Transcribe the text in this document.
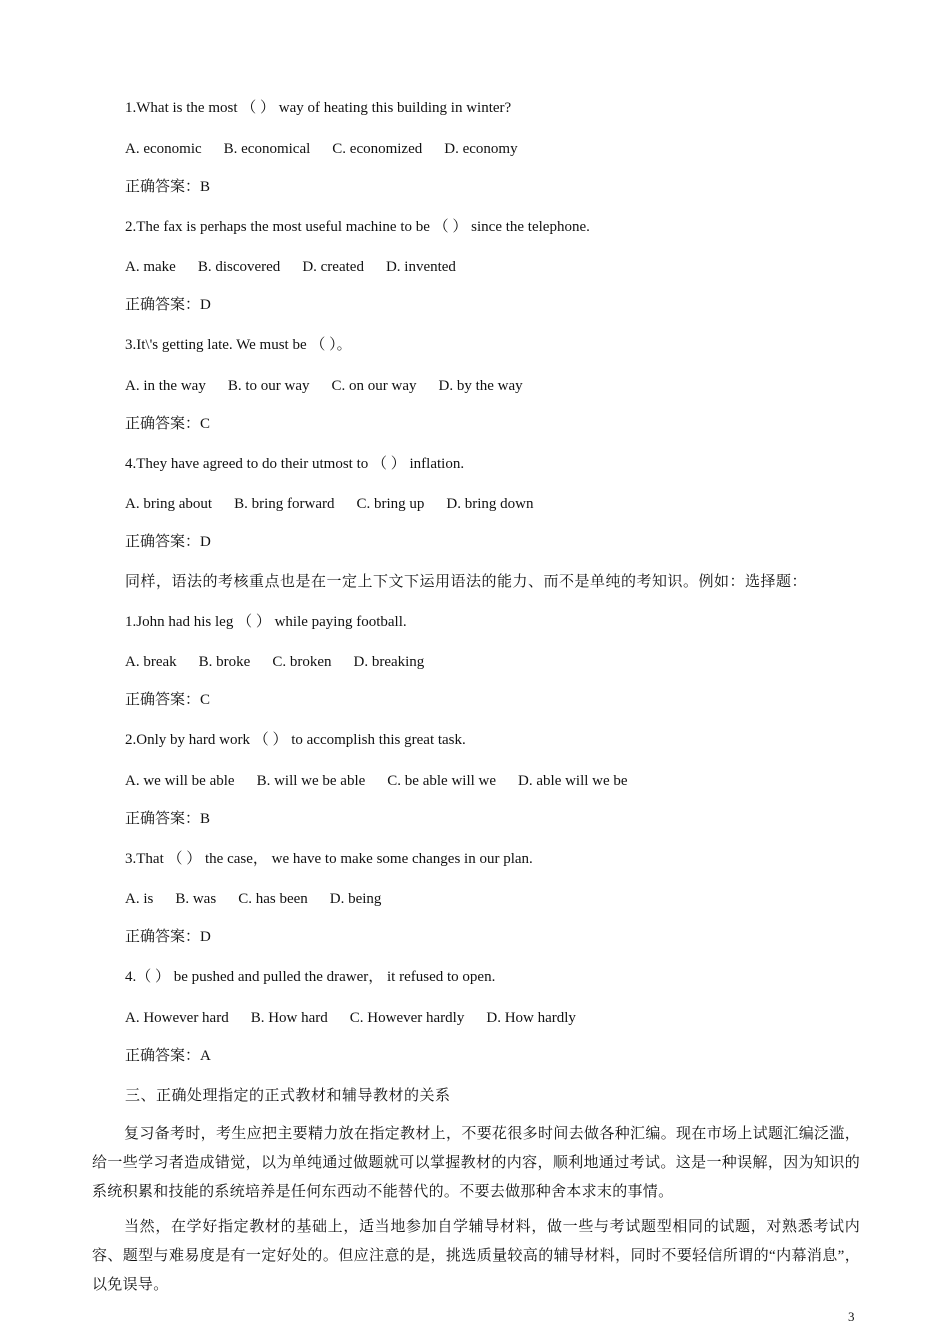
1.What is the most （ ） way of heating this building in winter?
A. economic B. economical C. economized D. economy
正确答案：B
2.The fax is perhaps the most useful machine to be （ ） since the telephone.
A. make B. discovered D. created D. invented
正确答案：D
3.It\'s getting late. We must be （ ）。
A. in the way B. to our way C. on our way D. by the way
正确答案：C
4.They have agreed to do their utmost to （ ） inflation.
A. bring about B. bring forward C. bring up D. bring down
正确答案：D
同样，语法的考核重点也是在一定上下文下运用语法的能力、而不是单纯的考知识。例如：选择题：
1.John had his leg （ ） while paying football.
A. break B. broke C. broken D. breaking
正确答案：C
2.Only by hard work （ ） to accomplish this great task.
A. we will be able B. will we be able C. be able will we D. able will we be
正确答案：B
3.That （ ） the case， we have to make some changes in our plan.
A. is B. was C. has been D. being
正确答案：D
4.（ ） be pushed and pulled the drawer， it refused to open.
A. However hard B. How hard C. However hardly D. How hardly
正确答案：A
三、正确处理指定的正式教材和辅导教材的关系
复习备考时，考生应把主要精力放在指定教材上，不要花很多时间去做各种汇编。现在市场上试题汇编泛滥，给一些学习者造成错觉，以为单纯通过做题就可以掌握教材的内容，顺利地通过考试。这是一种误解，因为知识的系统积累和技能的系统培养是任何东西动不能替代的。不要去做那种舍本求末的事情。
当然，在学好指定教材的基础上，适当地参加自学辅导材料，做一些与考试题型相同的试题，对熟悉考试内容、题型与难易度是有一定好处的。但应注意的是，挑选质量较高的辅导材料，同时不要轻信所谓的“内幕消息”，以免误导。
3
